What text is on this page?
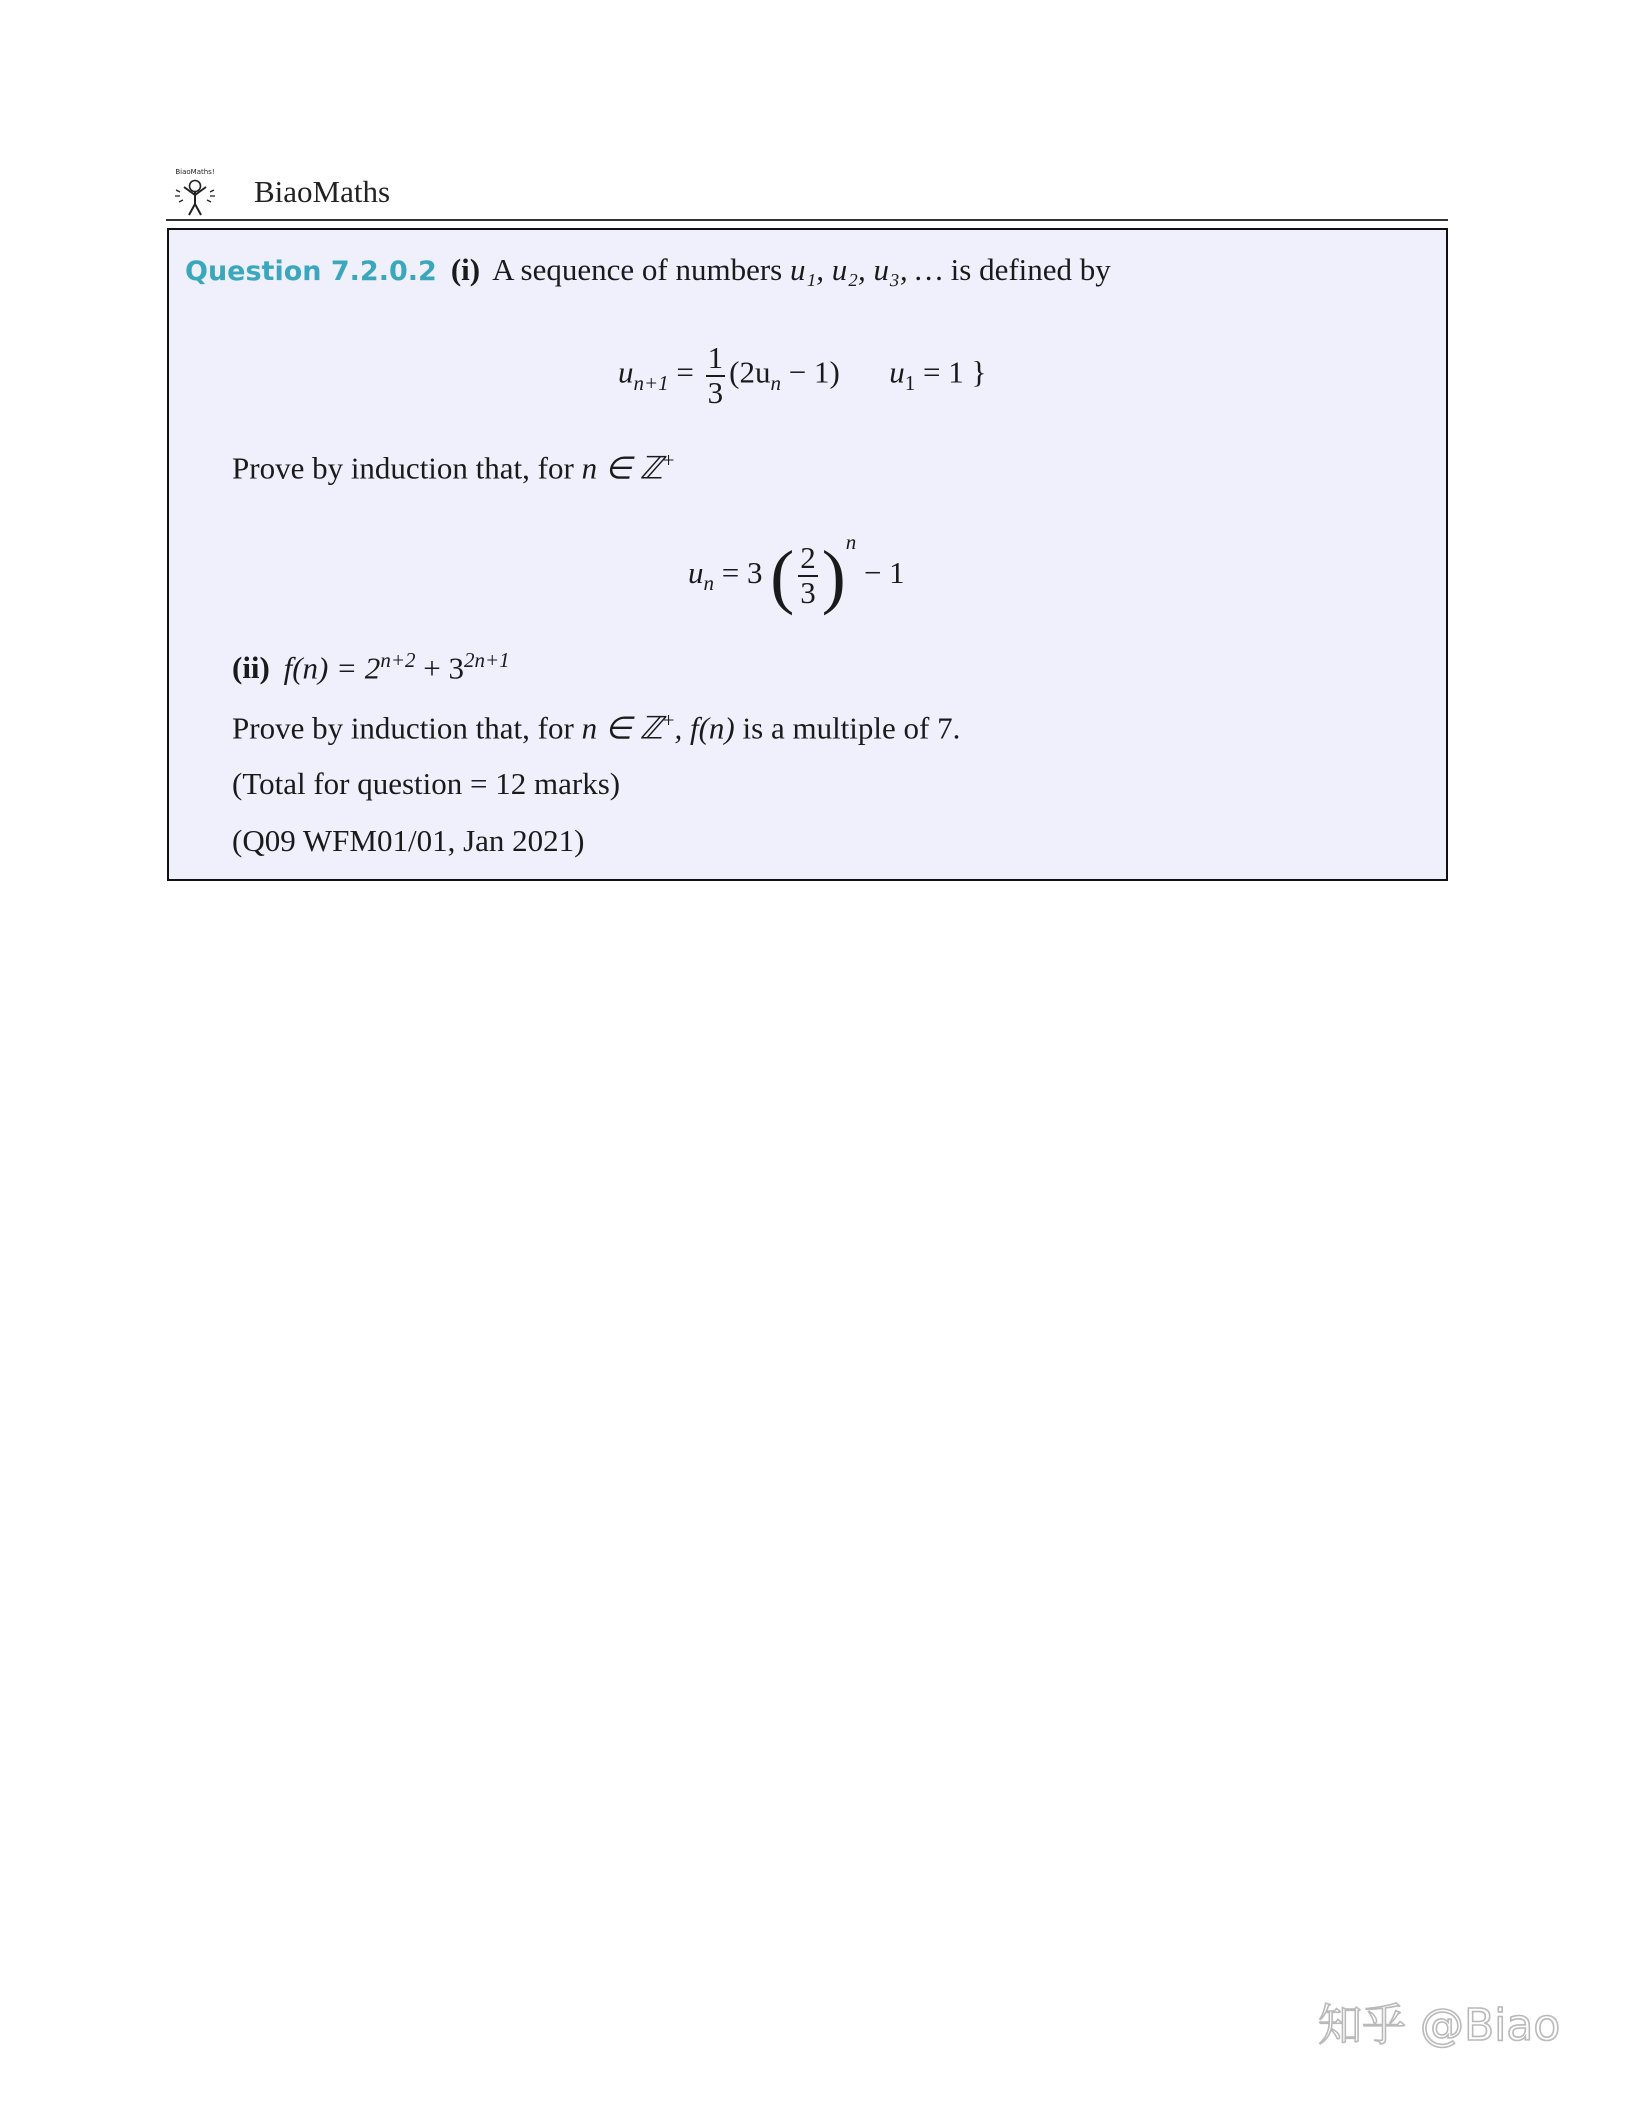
BiaoMaths!
BiaoMaths
Question 7.2.0.2 (i) A sequence of numbers u₁, u₂, u₃, … is defined by
$u_{n+1} = \frac{1}{3} (2u_n - 1) u_1 = 1$ }
Prove by induction that, for n ∈ ℤ+
$u_n = 3$ ( $\frac{2}{3} )^n - 1$
(ii) $f(n) = 2^{n+2} + 3^{2n+1}$
Prove by induction that, for n ∈ ℤ+, f(n) is a multiple of 7.
(Total for question = 12 marks)
(Q09 WFM01/01, Jan 2021)
知乎 @Biao
